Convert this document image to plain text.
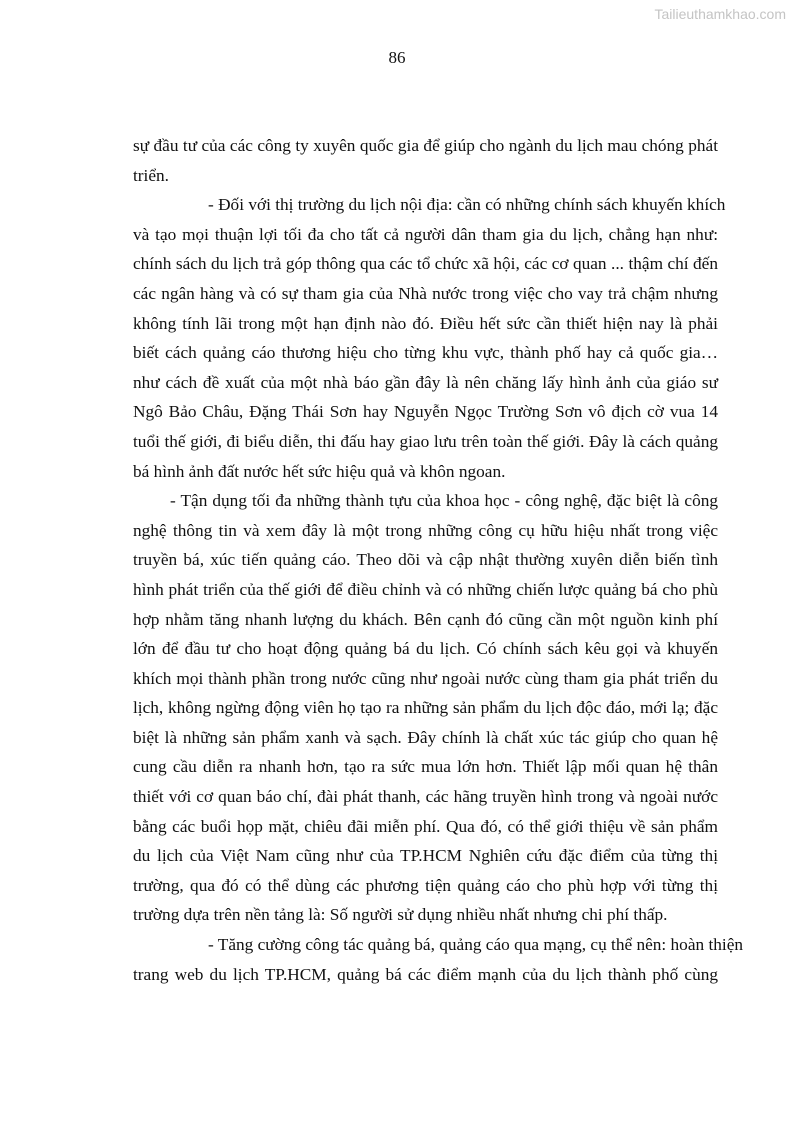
Tailieuthamkhao.com
86
sự đầu tư của các công ty xuyên quốc gia để giúp cho ngành du lịch mau chóng phát
triển.
- Đối với thị trường du lịch nội địa: cần có những chính sách khuyến khích
và tạo mọi thuận lợi tối đa cho tất cả người dân tham gia du lịch, chẳng hạn như:
chính sách du lịch trả góp thông qua các tổ chức xã hội, các cơ quan ... thậm chí đến
các ngân hàng và có sự tham gia của Nhà nước trong việc cho vay trả chậm nhưng
không tính lãi trong một hạn định nào đó. Điều hết sức cần thiết hiện nay là phải
biết cách quảng cáo thương hiệu cho từng khu vực, thành phố hay cả quốc gia…
như cách đề xuất của một nhà báo gần đây là nên chăng lấy hình ảnh của giáo sư
Ngô Bảo Châu, Đặng Thái Sơn hay Nguyễn Ngọc Trường Sơn vô địch cờ vua 14
tuổi thế giới, đi biểu diễn, thi đấu hay giao lưu trên toàn thế giới. Đây là cách quảng
bá hình ảnh đất nước hết sức hiệu quả và khôn ngoan.
- Tận dụng tối đa những thành tựu của khoa học - công nghệ, đặc biệt là công
nghệ thông tin và xem đây là một trong những công cụ hữu hiệu nhất trong việc
truyền bá, xúc tiến quảng cáo. Theo dõi và cập nhật thường xuyên diễn biến tình
hình phát triển của thế giới để điều chỉnh và có những chiến lược quảng bá cho phù
hợp nhằm tăng nhanh lượng du khách. Bên cạnh đó cũng cần một nguồn kinh phí
lớn để đầu tư cho hoạt động quảng bá du lịch. Có chính sách kêu gọi và khuyến
khích mọi thành phần trong nước cũng như ngoài nước cùng tham gia phát triển du
lịch, không ngừng động viên họ tạo ra những sản phẩm du lịch độc đáo, mới lạ; đặc
biệt là những sản phẩm xanh và sạch. Đây chính là chất xúc tác giúp cho quan hệ
cung cầu diễn ra nhanh hơn, tạo ra sức mua lớn hơn. Thiết lập mối quan hệ thân
thiết với cơ quan báo chí, đài phát thanh, các hãng truyền hình trong và ngoài nước
bằng các buổi họp mặt, chiêu đãi miễn phí. Qua đó, có thể giới thiệu về sản phẩm
du lịch của Việt Nam cũng như của TP.HCM Nghiên cứu đặc điểm của từng thị
trường, qua đó có thể dùng các phương tiện quảng cáo cho phù hợp với từng thị
trường dựa trên nền tảng là: Số người sử dụng nhiều nhất nhưng chi phí thấp.
- Tăng cường công tác quảng bá, quảng cáo qua mạng, cụ thể nên: hoàn thiện
trang web du lịch TP.HCM, quảng bá các điểm mạnh của du lịch thành phố cùng
